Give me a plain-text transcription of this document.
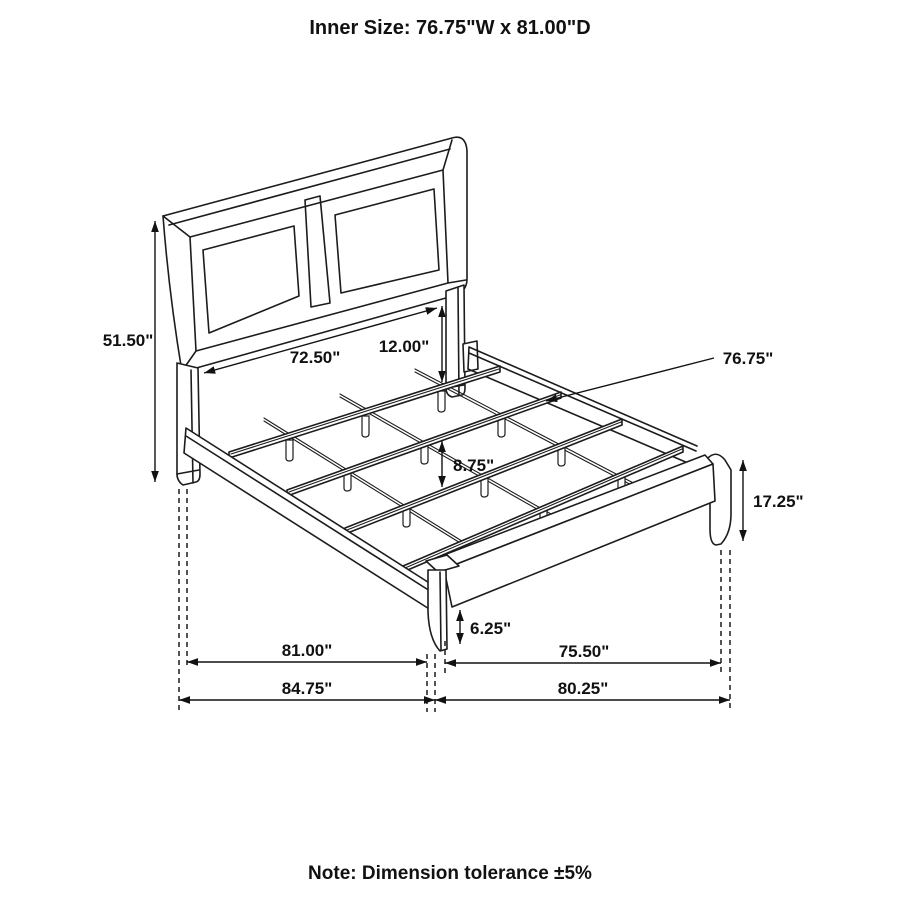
Inner Size: 76.75"W x 81.00"D
51.50"
72.50"
12.00"
76.75"
8.75"
17.25"
6.25"
81.00"
84.75"
75.50"
80.25"
Note: Dimension tolerance ±5%
